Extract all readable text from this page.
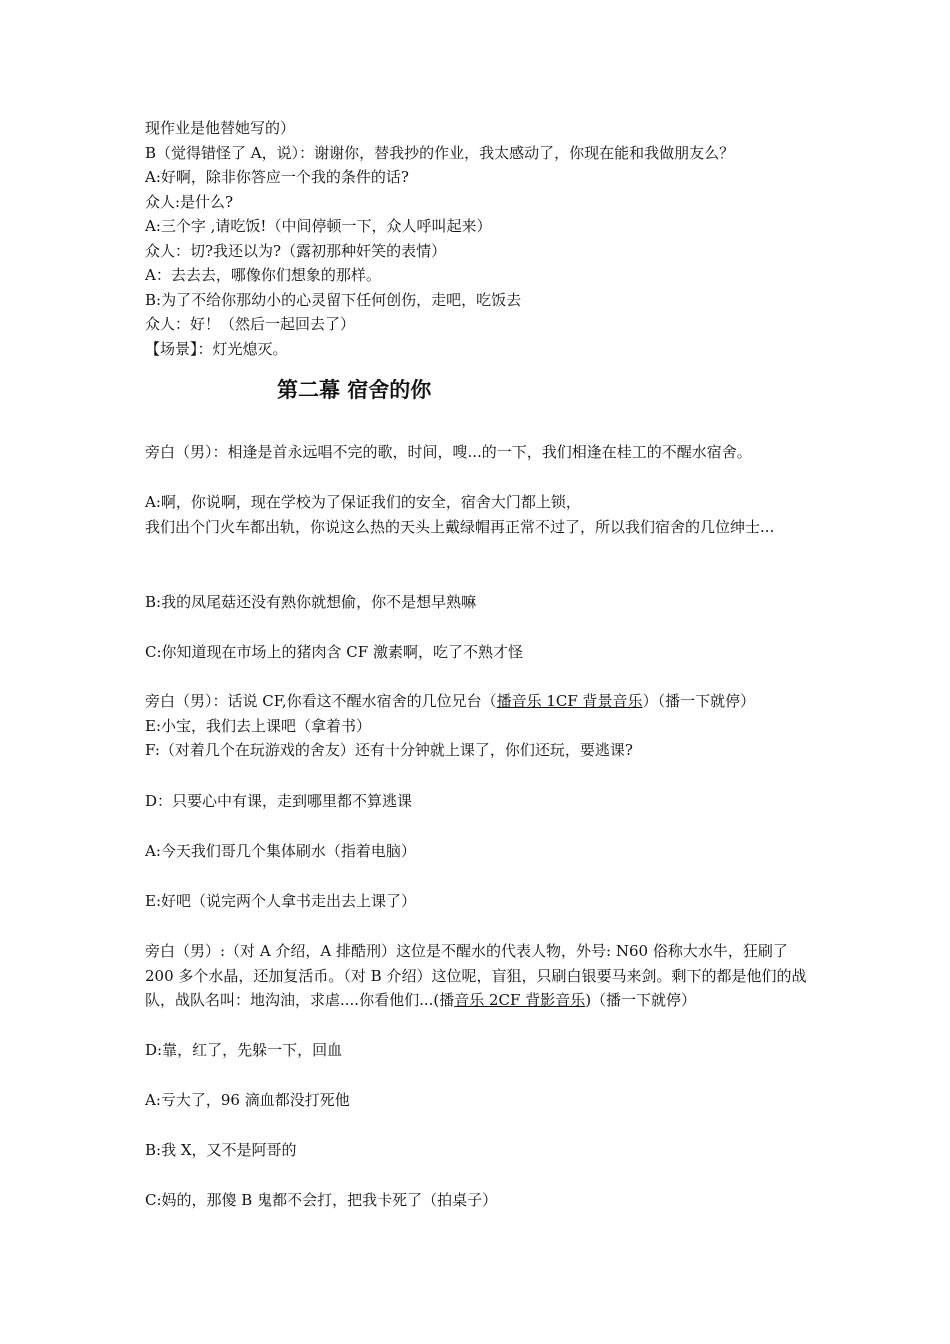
现作业是他替她写的）
B（觉得错怪了 A，说）：谢谢你，替我抄的作业，我太感动了，你现在能和我做朋友么？
A:好啊，除非你答应一个我的条件的话?
众人:是什么?
A:三个字 ,请吃饭!（中间停顿一下，众人呼叫起来）
众人：切?我还以为?（露初那种奸笑的表情）
A：去去去，哪像你们想象的那样。
B:为了不给你那幼小的心灵留下任何创伤，走吧，吃饭去
众人：好！（然后一起回去了）
【场景】：灯光熄灭。
第二幕 宿舍的你
旁白（男）：相逢是首永远唱不完的歌，时间，嗖...的一下，我们相逢在桂工的不醒水宿舍。
A:啊，你说啊，现在学校为了保证我们的安全，宿舍大门都上锁，
我们出个门火车都出轨，你说这么热的天头上戴绿帽再正常不过了，所以我们宿舍的几位绅士...
B:我的凤尾菇还没有熟你就想偷，你不是想早熟嘛
C:你知道现在市场上的猪肉含 CF 激素啊，吃了不熟才怪
旁白（男）：话说 CF,你看这不醒水宿舍的几位兄台（播音乐 1CF 背景音乐）（播一下就停）
E:小宝，我们去上课吧（拿着书）
F:（对着几个在玩游戏的舍友）还有十分钟就上课了，你们还玩，要逃课?
D：只要心中有课，走到哪里都不算逃课
A:今天我们哥几个集体刷水（指着电脑）
E:好吧（说完两个人拿书走出去上课了）
旁白（男）:（对 A 介绍，A 排酷刑）这位是不醒水的代表人物，外号: N60 俗称大水牛，狂刷了 200 多个水晶，还加复活币。（对 B 介绍）这位呢，盲狙，只刷白银要马来剑。剩下的都是他们的战队，战队名叫：地沟油，求虐....你看他们...(播音乐 2CF 背影音乐)（播一下就停）
D:靠，红了，先躲一下，回血
A:亏大了，96 滴血都没打死他
B:我 X，又不是阿哥的
C:妈的，那傻 B 鬼都不会打，把我卡死了（拍桌子）
